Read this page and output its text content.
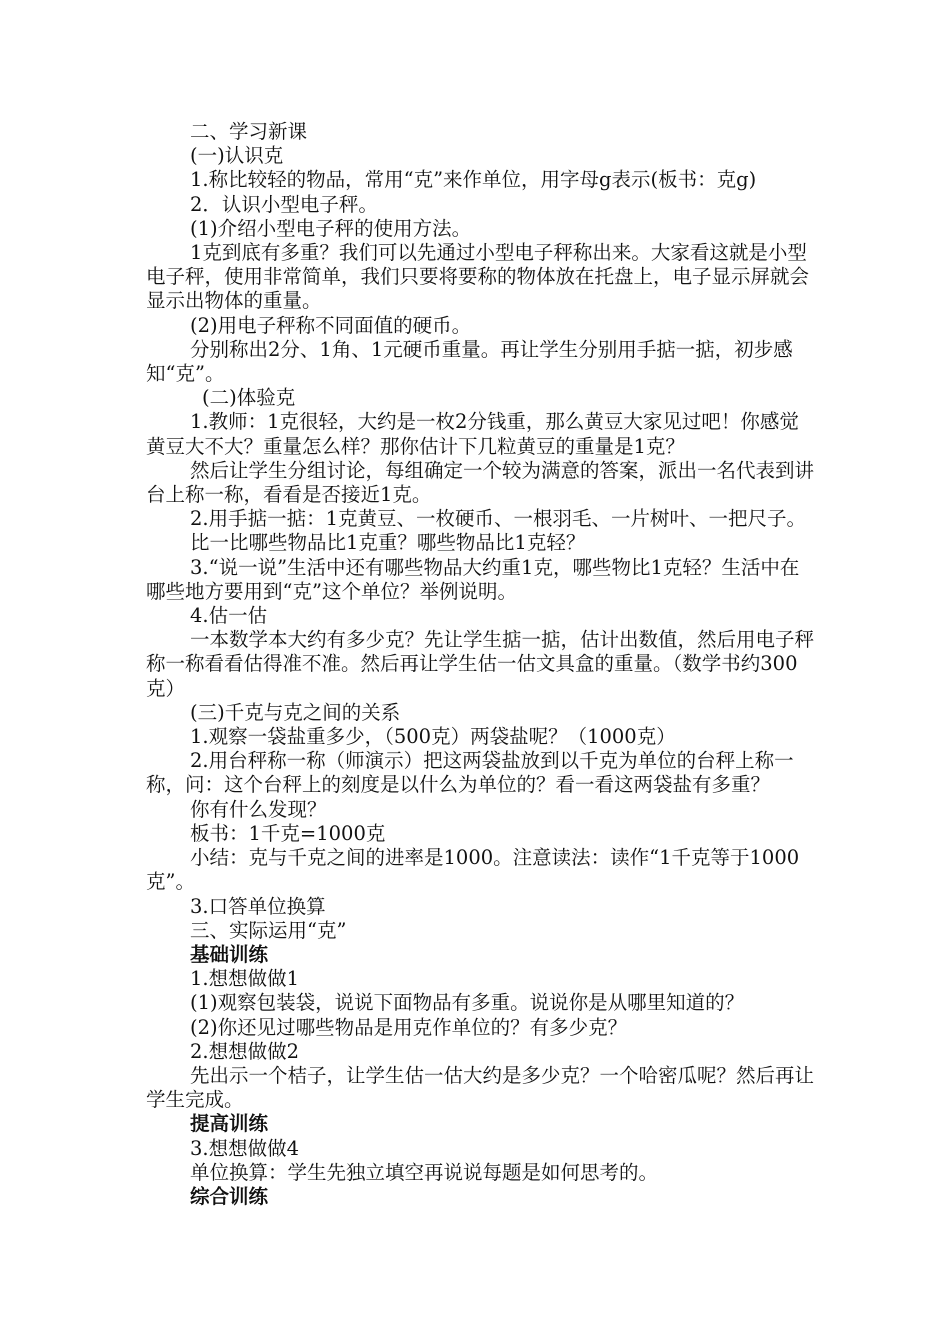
二、学习新课

(一)认识克

1.称比较轻的物品，常用“克”来作单位，用字母g表示(板书：克g)

2．认识小型电子秤。

(1)介绍小型电子秤的使用方法。

1克到底有多重？我们可以先通过小型电子秤称出来。大家看这就是小型电子秤，使用非常简单，我们只要将要称的物体放在托盘上，电子显示屏就会显示出物体的重量。

(2)用电子秤称不同面值的硬币。

分别称出2分、1角、1元硬币重量。再让学生分别用手掂一掂，初步感知“克”。

(二)体验克

1.教师：1克很轻，大约是一枚2分钱重，那么黄豆大家见过吧！你感觉黄豆大不大？重量怎么样？那你估计下几粒黄豆的重量是1克？

然后让学生分组讨论，每组确定一个较为满意的答案，派出一名代表到讲台上称一称，看看是否接近1克。

2.用手掂一掂：1克黄豆、一枚硬币、一根羽毛、一片树叶、一把尺子。

比一比哪些物品比1克重？哪些物品比1克轻？

3.“说一说”生活中还有哪些物品大约重1克，哪些物比1克轻？生活中在哪些地方要用到“克”这个单位？举例说明。

4.估一估

一本数学本大约有多少克？先让学生掂一掂，估计出数值，然后用电子秤称一称看看估得准不准。然后再让学生估一估文具盒的重量。（数学书约300克）

(三)千克与克之间的关系

1.观察一袋盐重多少，（500克）两袋盐呢？（1000克）

2.用台秤称一称（师演示）把这两袋盐放到以千克为单位的台秤上称一称，问：这个台秤上的刻度是以什么为单位的？看一看这两袋盐有多重？

你有什么发现？

板书：1千克=1000克

小结：克与千克之间的进率是1000。注意读法：读作“1千克等于1000克”。

3.口答单位换算

三、实际运用“克”

基础训练

1.想想做做1

(1)观察包装袋，说说下面物品有多重。说说你是从哪里知道的？

(2)你还见过哪些物品是用克作单位的？有多少克？

2.想想做做2

先出示一个桔子，让学生估一估大约是多少克？一个哈密瓜呢？然后再让学生完成。

提高训练

3.想想做做4

单位换算：学生先独立填空再说说每题是如何思考的。

综合训练
